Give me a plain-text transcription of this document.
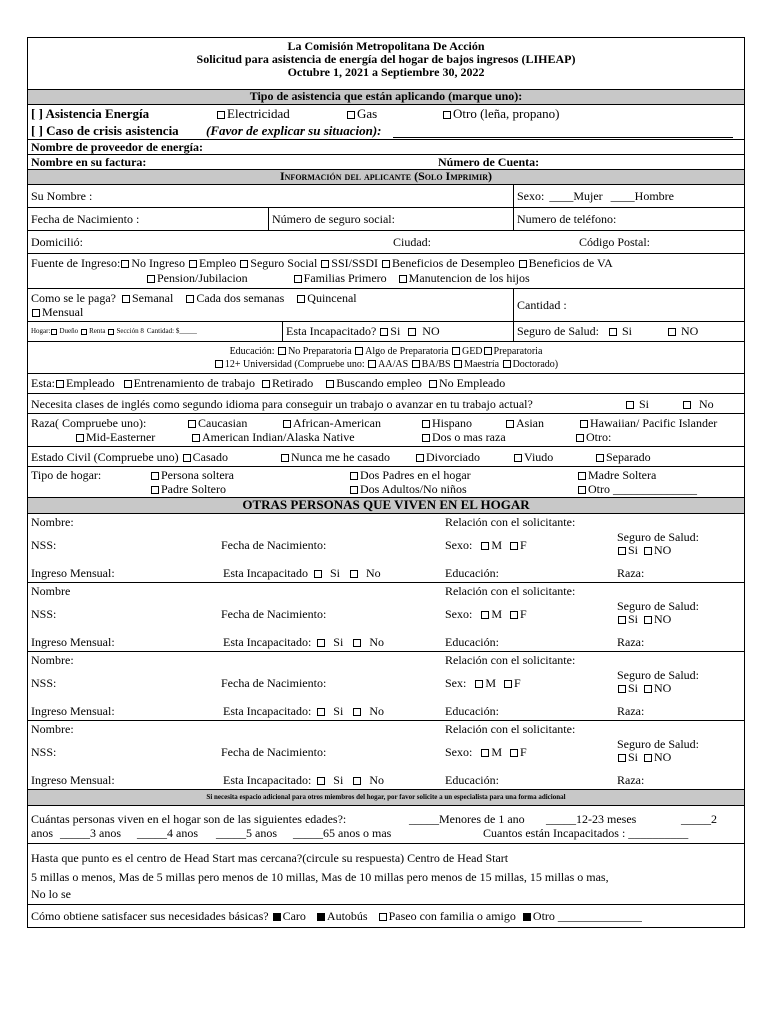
La Comisión Metropolitana De Acción
Solicitud para asistencia de energía del hogar de bajos ingresos (LIHEAP)
Octubre 1, 2021 a Septiembre 30, 2022
Tipo de asistencia que están aplicando (marque uno):
[ ] Asistencia Energía	Electricidad	Gas	Otro (leña, propano)
[ ] Caso de crisis asistencia (Favor de explicar su situacion):
Nombre de proveedor de energía:
Nombre en su factura:	Número de Cuenta:
Información del aplicante (Solo Imprimir)
Su Nombre :	Sexo: ____ Mujer ____ Hombre
Fecha de Nacimiento :	Número de seguro social:	Numero de teléfono:
Domicilió:	Ciudad:	Código Postal:
Fuente de Ingreso: No Ingreso Empleo Seguro Social SSI/SSDI Beneficios de Desempleo Beneficios de VA
Pension/Jubilacion	Familias Primero Manutencion de los hijos
Como se le paga? Semanal Cada dos semanas Quincenal
Mensual
Cantidad :
Hogar: Dueño Renta Sección 8 Cantidad: $_____	Esta Incapacitado? Si NO	Seguro de Salud: Si	NO
Educación: No Preparatoria Algo de Preparatoria GED Preparatoria
12+ Universidad (Compruebe uno: AA/AS BA/BS Maestría Doctorado)
Esta: Empleado Entrenamiento de trabajo Retirado Buscando empleo No Empleado
Necesita clases de inglés como segundo idioma para conseguir un trabajo o avanzar en tu trabajo actual?	Si	No
Raza( Compruebe uno):	Caucasian	African-American	Hispano	Asian	Hawaiian/ Pacific Islander
Mid-Easterner	American Indian/Alaska Native	Dos o mas raza	Otro:
Estado Civil (Compruebe uno) Casado	Nunca me he casado	Divorciado	Viudo	Separado
Tipo de hogar:	Persona soltera	Dos Padres en el hogar	Madre Soltera
Padre Soltero	Dos Adultos/No niños	Otro ______________
OTRAS PERSONAS QUE VIVEN EN EL HOGAR
Nombre:	Relación con el solicitante:
NSS:	Fecha de Nacimiento:	Sexo: M F
Seguro de Salud:
Si NO
Ingreso Mensual:	Esta Incapacitado Si No	Educación:	Raza:
Nombre	Relación con el solicitante:
NSS:	Fecha de Nacimiento:	Sexo: M F
Seguro de Salud:
Si NO
Ingreso Mensual:	Esta Incapacitado: Si No	Educación:	Raza:
Nombre:	Relación con el solicitante:
NSS:	Fecha de Nacimiento:	Sex: M F
Seguro de Salud:
Si NO
Ingreso Mensual:	Esta Incapacitado: Si No	Educación:	Raza:
Nombre:	Relación con el solicitante:
NSS:	Fecha de Nacimiento:	Sexo: M F
Seguro de Salud:
Si NO
Ingreso Mensual:	Esta Incapacitado: Si No	Educación:	Raza:
Si necesita espacio adicional para otros miembros del hogar, por favor solicite a un especialista para una forma adicional
Cuántas personas viven en el hogar son de las siguientes edades?:	_____Menores de 1 ano _____12-23 meses	_____2
anos _____3 anos _____4 anos _____5 anos _____65 anos o mas	Cuantos están Incapacitados : __________
Hasta que punto es el centro de Head Start mas cercana?(circule su respuesta) Centro de Head Start
5 millas o menos, Mas de 5 millas pero menos de 10 millas, Mas de 10 millas pero menos de 15 millas, 15 millas o mas,
No lo se
Cómo obtiene satisfacer sus necesidades básicas? Caro Autobús Paseo con familia o amigo Otro ______________
